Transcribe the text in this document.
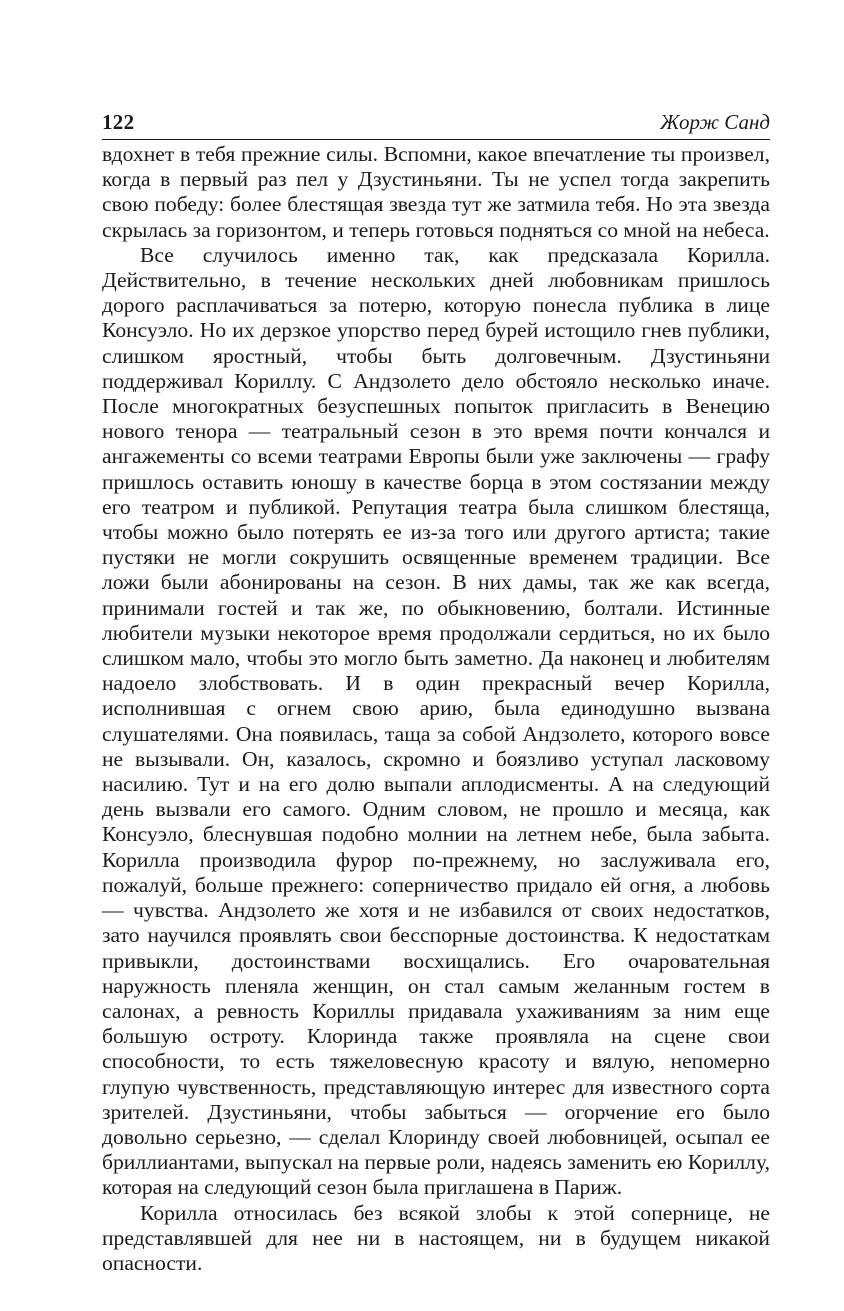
122	Жорж Санд

вдохнет в тебя прежние силы. Вспомни, какое впечатление ты произвел, когда в первый раз пел у Дзустиньяни. Ты не успел тогда закрепить свою победу: более блестящая звезда тут же затмила тебя. Но эта звезда скрылась за горизонтом, и теперь готовься подняться со мной на небеса.

Все случилось именно так, как предсказала Корилла. Действительно, в течение нескольких дней любовникам пришлось дорого расплачиваться за потерю, которую понесла публика в лице Консуэло. Но их дерзкое упорство перед бурей истощило гнев публики, слишком яростный, чтобы быть долговечным. Дзустиньяни поддерживал Кориллу. С Андзолето дело обстояло несколько иначе. После многократных безуспешных попыток пригласить в Венецию нового тенора — театральный сезон в это время почти кончался и ангажементы со всеми театрами Европы были уже заключены — графу пришлось оставить юношу в качестве борца в этом состязании между его театром и публикой. Репутация театра была слишком блестяща, чтобы можно было потерять ее из-за того или другого артиста; такие пустяки не могли сокрушить освященные временем традиции. Все ложи были абонированы на сезон. В них дамы, так же как всегда, принимали гостей и так же, по обыкновению, болтали. Истинные любители музыки некоторое время продолжали сердиться, но их было слишком мало, чтобы это могло быть заметно. Да наконец и любителям надоело злобствовать. И в один прекрасный вечер Корилла, исполнившая с огнем свою арию, была единодушно вызвана слушателями. Она появилась, таща за собой Андзолето, которого вовсе не вызывали. Он, казалось, скромно и боязливо уступал ласковому насилию. Тут и на его долю выпали аплодисменты. А на следующий день вызвали его самого. Одним словом, не прошло и месяца, как Консуэло, блеснувшая подобно молнии на летнем небе, была забыта. Корилла производила фурор по-прежнему, но заслуживала его, пожалуй, больше прежнего: соперничество придало ей огня, а любовь — чувства. Андзолето же хотя и не избавился от своих недостатков, зато научился проявлять свои бесспорные достоинства. К недостаткам привыкли, достоинствами восхищались. Его очаровательная наружность пленяла женщин, он стал самым желанным гостем в салонах, а ревность Кориллы придавала ухаживаниям за ним еще большую остроту. Клоринда также проявляла на сцене свои способности, то есть тяжеловесную красоту и вялую, непомерно глупую чувственность, представляющую интерес для известного сорта зрителей. Дзустиньяни, чтобы забыться — огорчение его было довольно серьезно, — сделал Клоринду своей любовницей, осыпал ее бриллиантами, выпускал на первые роли, надеясь заменить ею Кориллу, которая на следующий сезон была приглашена в Париж.

Корилла относилась без всякой злобы к этой сопернице, не представлявшей для нее ни в настоящем, ни в будущем никакой опасности.
